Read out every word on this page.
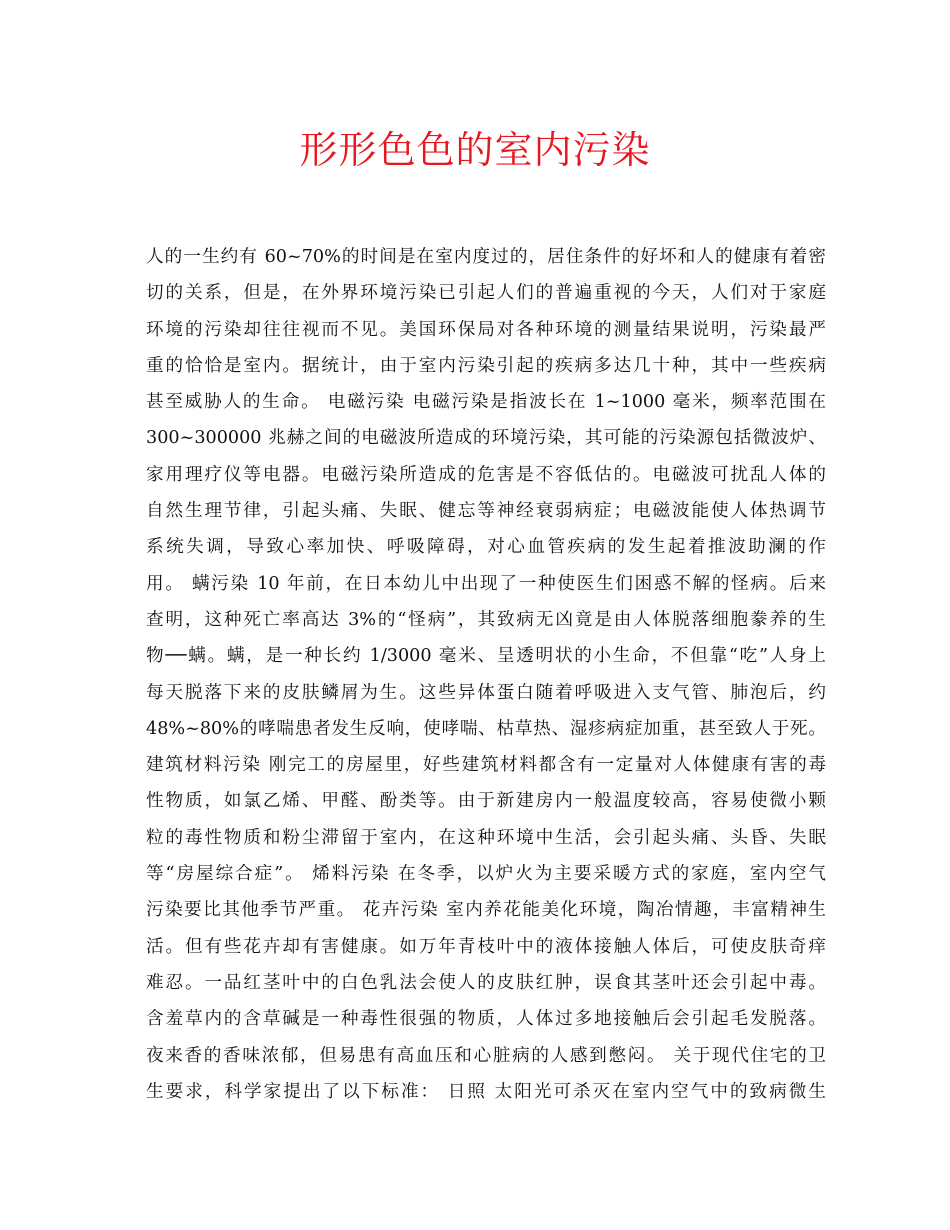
形形色色的室内污染
人的一生约有 60~70%的时间是在室内度过的，居住条件的好坏和人的健康有着密
切的关系，但是，在外界环境污染已引起人们的普遍重视的今天，人们对于家庭
环境的污染却往往视而不见。美国环保局对各种环境的测量结果说明，污染最严
重的恰恰是室内。据统计，由于室内污染引起的疾病多达几十种，其中一些疾病
甚至威胁人的生命。 电磁污染 电磁污染是指波长在 1~1000 毫米，频率范围在
300~300000 兆赫之间的电磁波所造成的环境污染，其可能的污染源包括微波炉、
家用理疗仪等电器。电磁污染所造成的危害是不容低估的。电磁波可扰乱人体的
自然生理节律，引起头痛、失眠、健忘等神经衰弱病症；电磁波能使人体热调节
系统失调，导致心率加快、呼吸障碍，对心血管疾病的发生起着推波助澜的作
用。 螨污染 10 年前，在日本幼儿中出现了一种使医生们困惑不解的怪病。后来
查明，这种死亡率高达 3%的“怪病”，其致病无凶竟是由人体脱落细胞豢养的生
物──螨。螨，是一种长约 1/3000 毫米、呈透明状的小生命，不但靠“吃”人身上
每天脱落下来的皮肤鳞屑为生。这些异体蛋白随着呼吸进入支气管、肺泡后，约
48%~80%的哮喘患者发生反响，使哮喘、枯草热、湿疹病症加重，甚至致人于死。
建筑材料污染 刚完工的房屋里，好些建筑材料都含有一定量对人体健康有害的毒
性物质，如氯乙烯、甲醛、酚类等。由于新建房内一般温度较高，容易使微小颗
粒的毒性物质和粉尘滞留于室内，在这种环境中生活，会引起头痛、头昏、失眠
等“房屋综合症”。 烯料污染 在冬季，以炉火为主要采暖方式的家庭，室内空气
污染要比其他季节严重。 花卉污染 室内养花能美化环境，陶冶情趣，丰富精神生
活。但有些花卉却有害健康。如万年青枝叶中的液体接触人体后，可使皮肤奇痒
难忍。一品红茎叶中的白色乳法会使人的皮肤红肿，误食其茎叶还会引起中毒。
含羞草内的含草碱是一种毒性很强的物质，人体过多地接触后会引起毛发脱落。
夜来香的香味浓郁，但易患有高血压和心脏病的人感到憋闷。 关于现代住宅的卫
生要求，科学家提出了以下标准： 日照 太阳光可杀灭在室内空气中的致病微生
